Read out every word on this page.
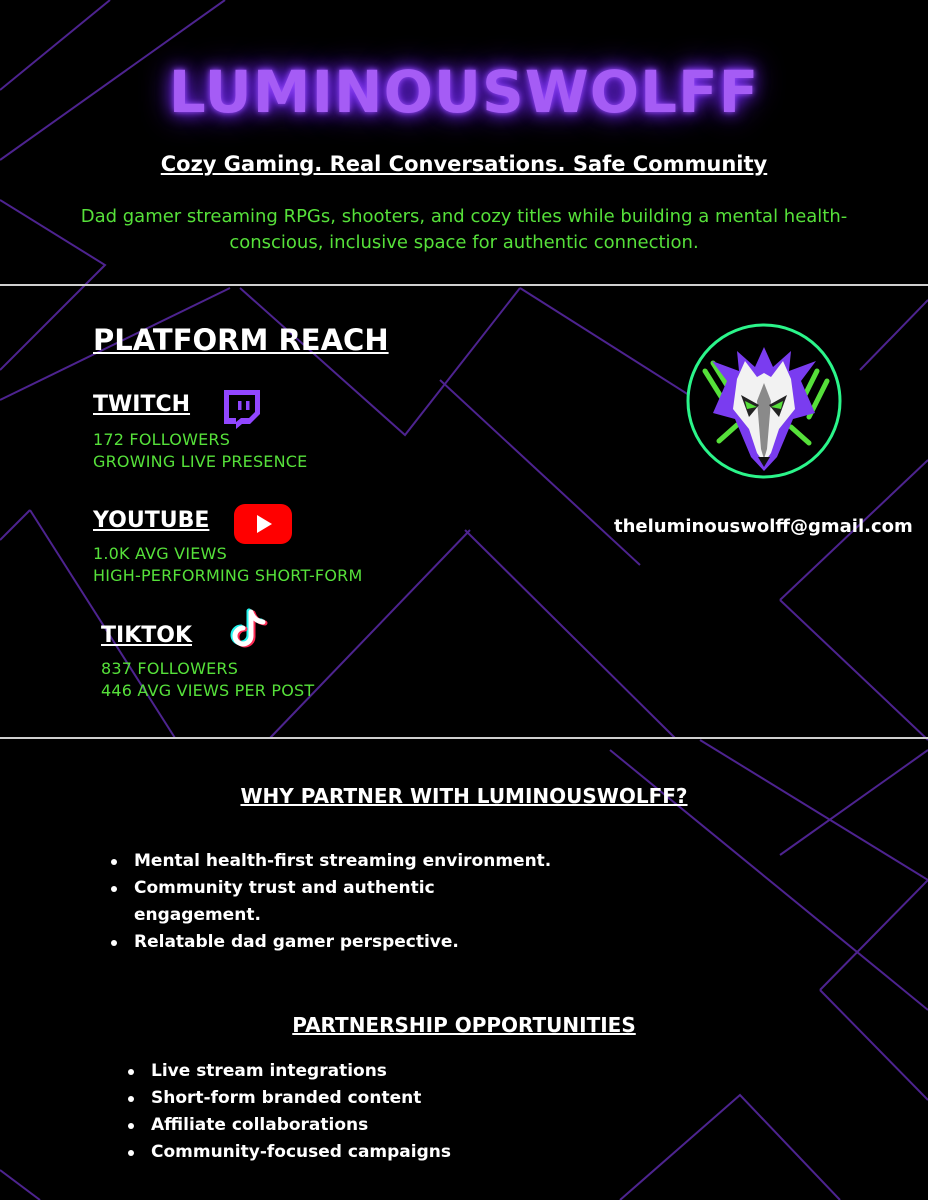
LUMINOUSWOLFF
Cozy Gaming. Real Conversations. Safe Community
Dad gamer streaming RPGs, shooters, and cozy titles while building a mental health-conscious, inclusive space for authentic connection.
PLATFORM REACH
TWITCH
172 FOLLOWERS
GROWING LIVE PRESENCE
YOUTUBE
1.0K AVG VIEWS
HIGH-PERFORMING SHORT-FORM
TIKTOK
837 FOLLOWERS
446 AVG VIEWS PER POST
theluminouswolff@gmail.com
WHY PARTNER WITH LUMINOUSWOLFF?
Mental health-first streaming environment.
Community trust and authentic
engagement.
Relatable dad gamer perspective.
PARTNERSHIP OPPORTUNITIES
Live stream integrations
Short-form branded content
Affiliate collaborations
Community-focused campaigns
